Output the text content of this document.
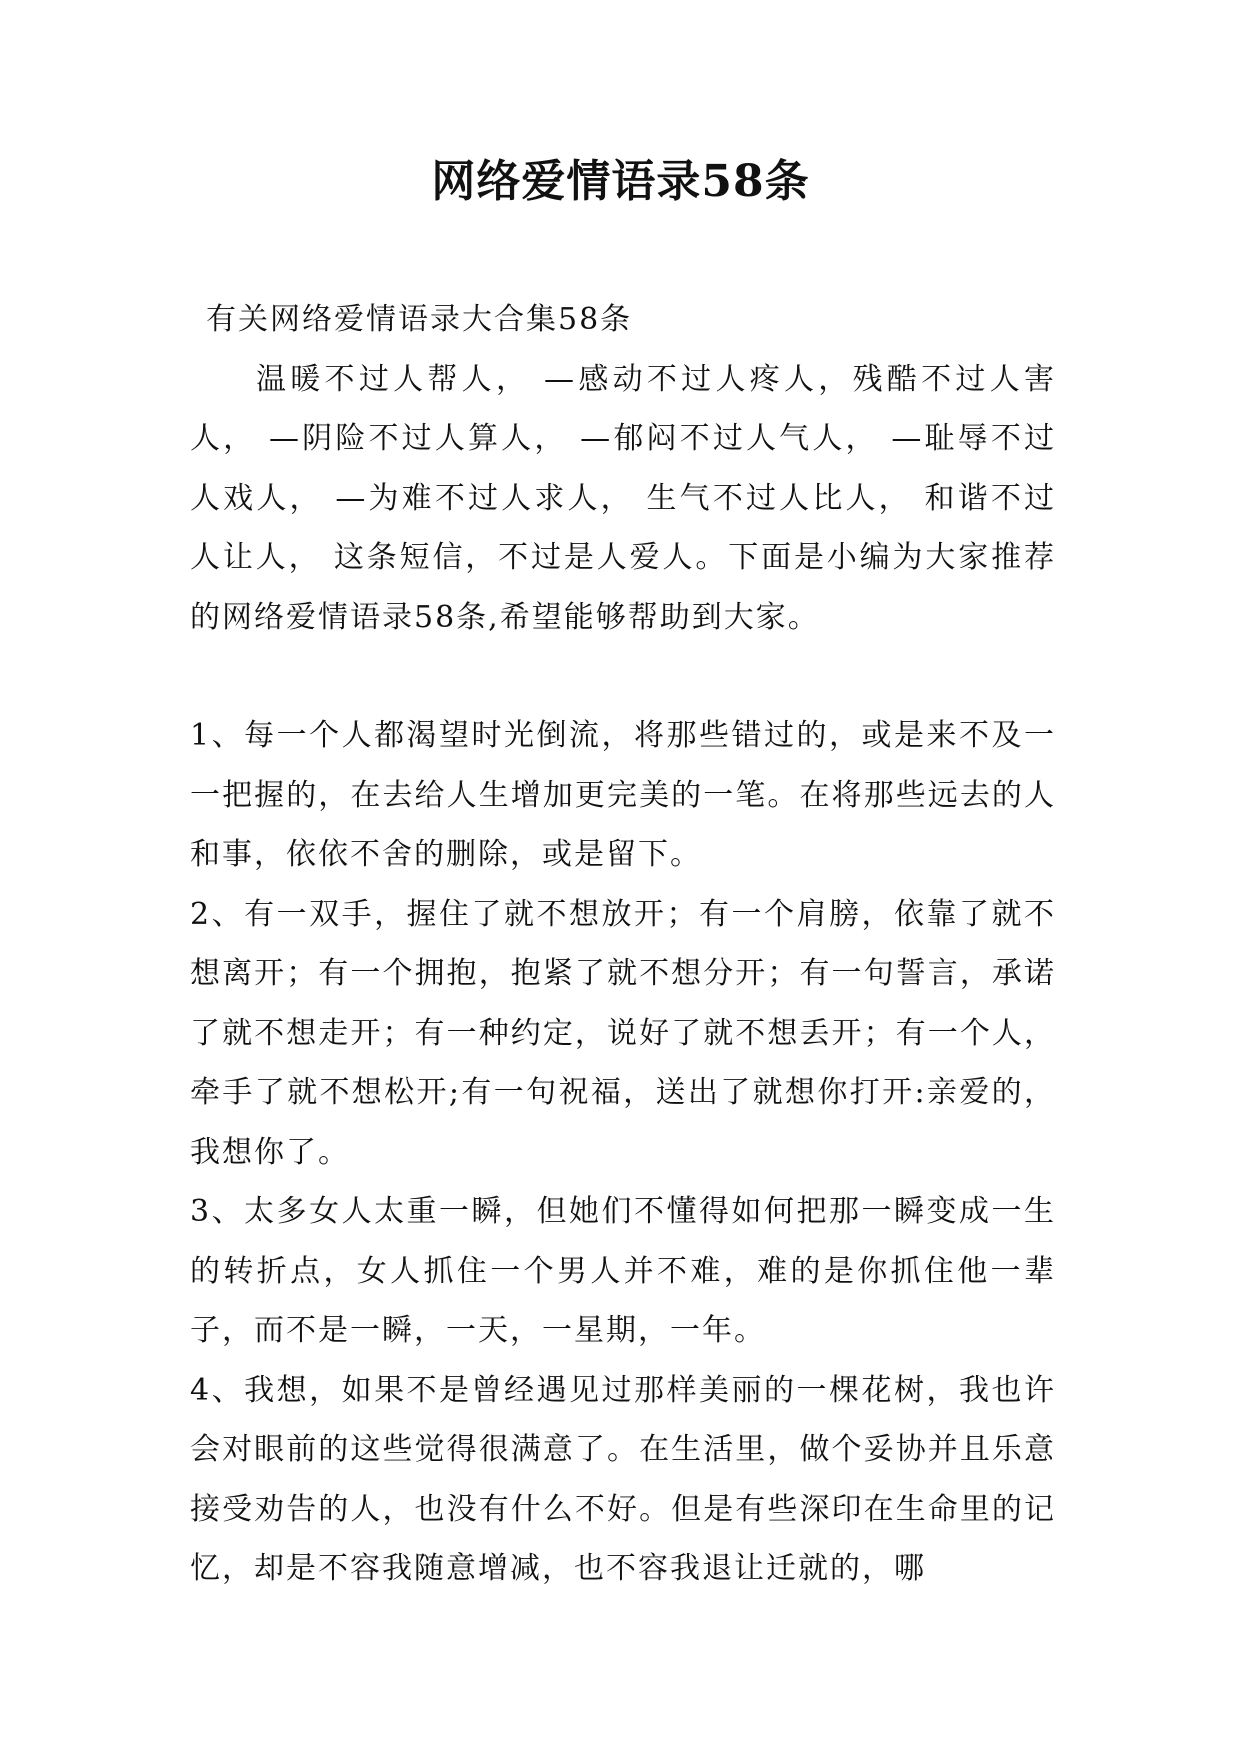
网络爱情语录58条

有关网络爱情语录大合集58条

温暖不过人帮人， —感动不过人疼人，残酷不过人害人， —阴险不过人算人， —郁闷不过人气人， —耻辱不过人戏人， —为难不过人求人， 生气不过人比人， 和谐不过人让人， 这条短信，不过是人爱人。下面是小编为大家推荐的网络爱情语录58条,希望能够帮助到大家。

1、每一个人都渴望时光倒流，将那些错过的，或是来不及一一把握的，在去给人生增加更完美的一笔。在将那些远去的人和事，依依不舍的删除，或是留下。

2、有一双手，握住了就不想放开；有一个肩膀，依靠了就不想离开；有一个拥抱，抱紧了就不想分开；有一句誓言，承诺了就不想走开；有一种约定，说好了就不想丢开；有一个人，牵手了就不想松开;有一句祝福，送出了就想你打开:亲爱的，我想你了。

3、太多女人太重一瞬，但她们不懂得如何把那一瞬变成一生的转折点，女人抓住一个男人并不难，难的是你抓住他一辈子，而不是一瞬，一天，一星期，一年。

4、我想，如果不是曾经遇见过那样美丽的一棵花树，我也许会对眼前的这些觉得很满意了。在生活里，做个妥协并且乐意接受劝告的人，也没有什么不好。但是有些深印在生命里的记忆，却是不容我随意增减，也不容我退让迁就的，哪
